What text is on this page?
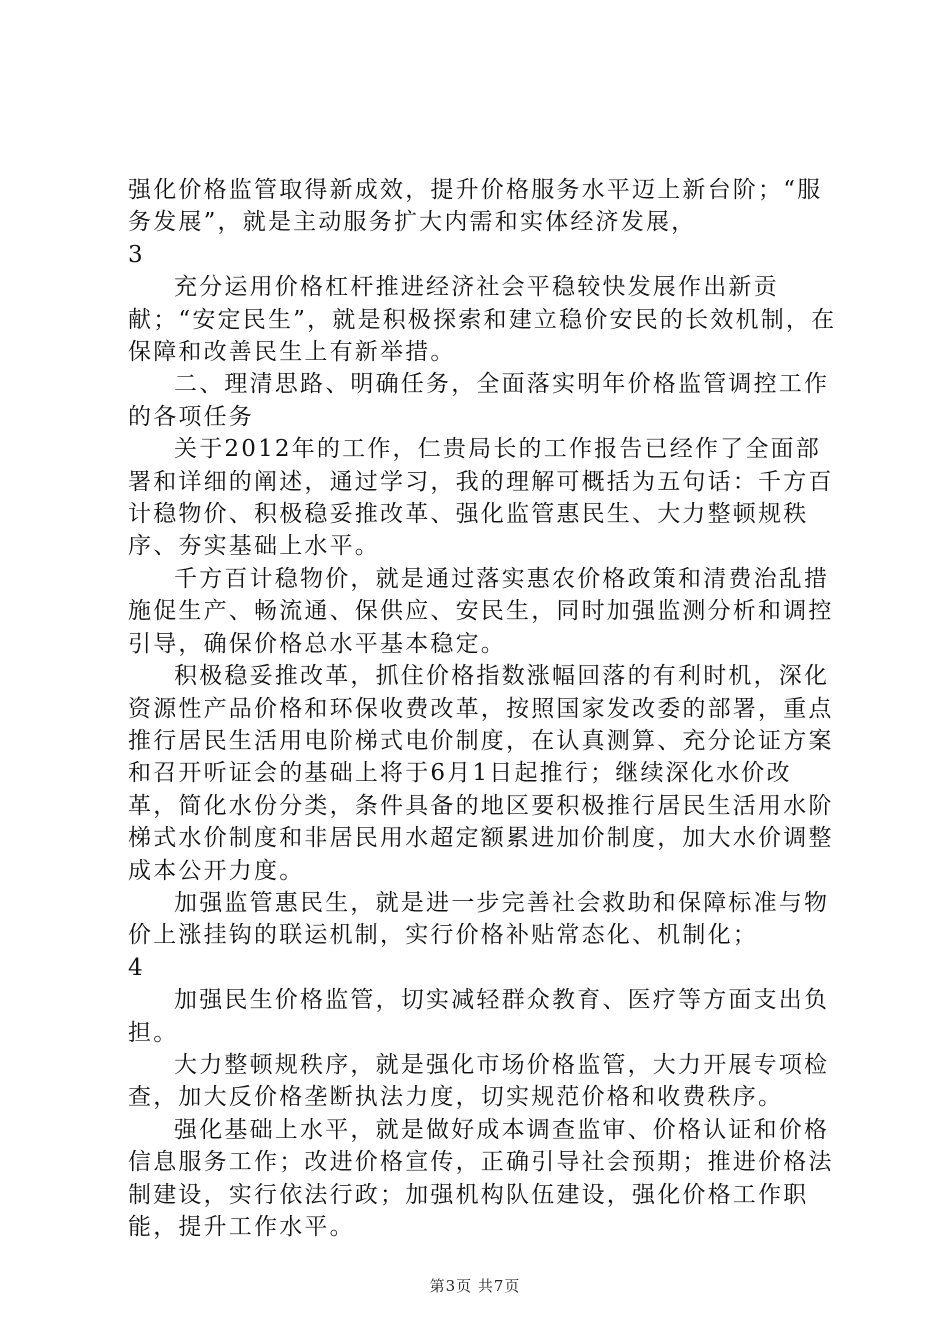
强化价格监管取得新成效，提升价格服务水平迈上新台阶；“服务发展”，就是主动服务扩大内需和实体经济发展，

3

充分运用价格杠杆推进经济社会平稳较快发展作出新贡献；“安定民生”，就是积极探索和建立稳价安民的长效机制，在保障和改善民生上有新举措。

二、理清思路、明确任务，全面落实明年价格监管调控工作的各项任务

关于2012年的工作，仁贵局长的工作报告已经作了全面部署和详细的阐述，通过学习，我的理解可概括为五句话：千方百计稳物价、积极稳妥推改革、强化监管惠民生、大力整顿规秩序、夯实基础上水平。

千方百计稳物价，就是通过落实惠农价格政策和清费治乱措施促生产、畅流通、保供应、安民生，同时加强监测分析和调控引导，确保价格总水平基本稳定。

积极稳妥推改革，抓住价格指数涨幅回落的有利时机，深化资源性产品价格和环保收费改革，按照国家发改委的部署，重点推行居民生活用电阶梯式电价制度，在认真测算、充分论证方案和召开听证会的基础上将于6月1日起推行；继续深化水价改革，简化水份分类，条件具备的地区要积极推行居民生活用水阶梯式水价制度和非居民用水超定额累进加价制度，加大水价调整成本公开力度。

加强监管惠民生，就是进一步完善社会救助和保障标准与物价上涨挂钩的联运机制，实行价格补贴常态化、机制化；

4

加强民生价格监管，切实减轻群众教育、医疗等方面支出负担。

大力整顿规秩序，就是强化市场价格监管，大力开展专项检查，加大反价格垄断执法力度，切实规范价格和收费秩序。

强化基础上水平，就是做好成本调查监审、价格认证和价格信息服务工作；改进价格宣传，正确引导社会预期；推进价格法制建设，实行依法行政；加强机构队伍建设，强化价格工作职能，提升工作水平。

第3页 共7页
